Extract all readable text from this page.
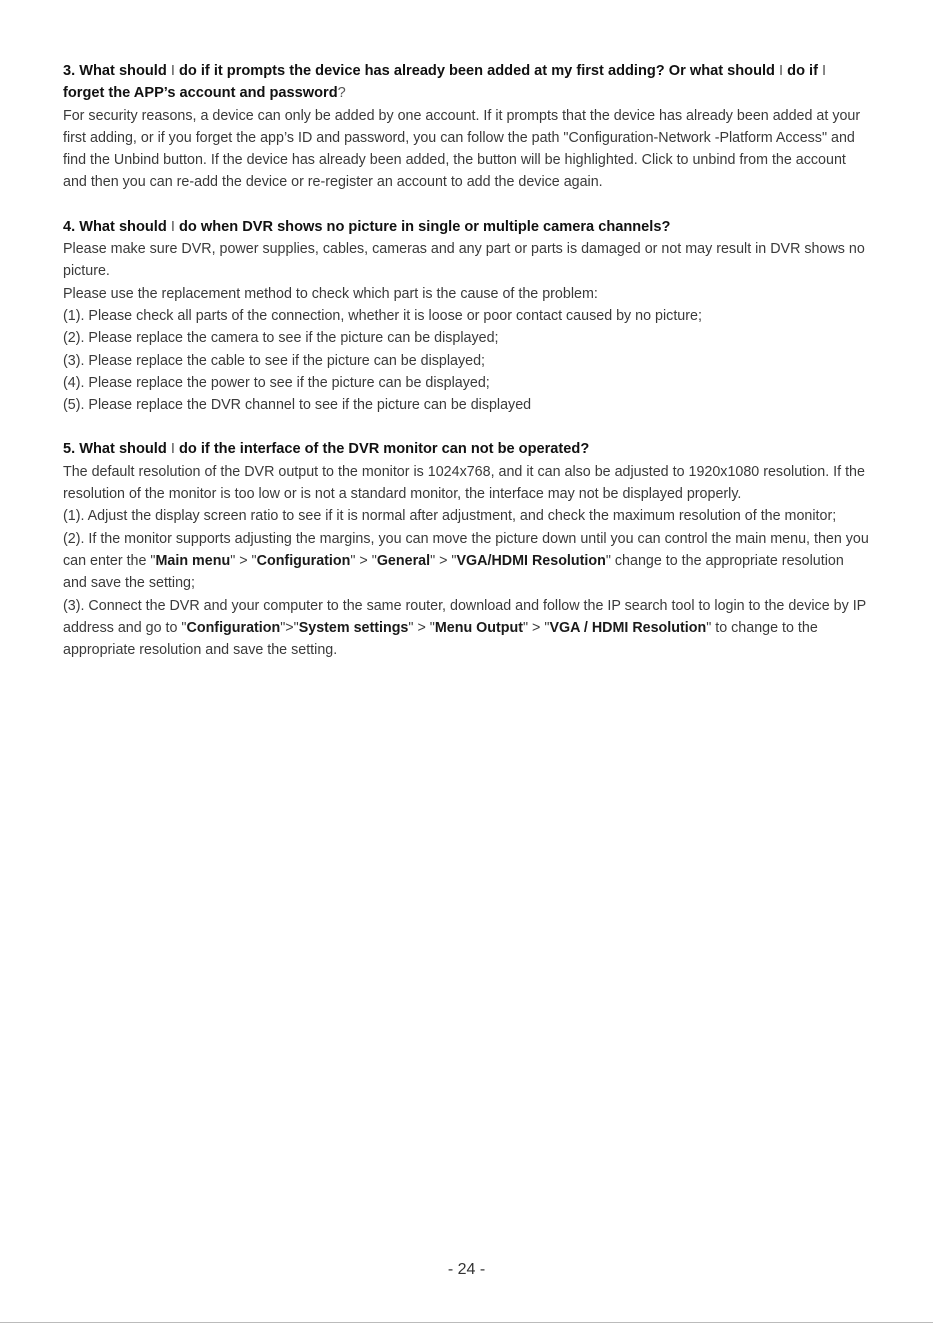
3. What should I do if it prompts the device has already been added at my first adding? Or what should I do if I forget the APP’s account and password?

For security reasons, a device can only be added by one account. If it prompts that the device has already been added at your first adding, or if you forget the app’s ID and password, you can follow the path "Configuration-Network -Platform Access" and find the Unbind button. If the device has already been added, the button will be highlighted. Click to unbind from the account and then you can re-add the device or re-register an account to add the device again.

4. What should I do when DVR shows no picture in single or multiple camera channels?

Please make sure DVR, power supplies, cables, cameras and any part or parts is damaged or not may result in DVR shows no picture.

Please use the replacement method to check which part is the cause of the problem:

(1). Please check all parts of the connection, whether it is loose or poor contact caused by no picture;

(2). Please replace the camera to see if the picture can be displayed;

(3). Please replace the cable to see if the picture can be displayed;

(4). Please replace the power to see if the picture can be displayed;

(5). Please replace the DVR channel to see if the picture can be displayed

5. What should I do if the interface of the DVR monitor can not be operated?

The default resolution of the DVR output to the monitor is 1024x768, and it can also be adjusted to 1920x1080 resolution. If the resolution of the monitor is too low or is not a standard monitor, the interface may not be displayed properly.

(1). Adjust the display screen ratio to see if it is normal after adjustment, and check the maximum resolution of the monitor;

(2). If the monitor supports adjusting the margins, you can move the picture down until you can control the main menu, then you can enter the "Main menu" > "Configuration" > "General" > "VGA/HDMI Resolution" change to the appropriate resolution and save the setting;

(3). Connect the DVR and your computer to the same router, download and follow the IP search tool to login to the device by IP address and go to "Configuration">"System settings" > "Menu Output" > "VGA / HDMI Resolution" to change to the appropriate resolution and save the setting.

- 24 -
